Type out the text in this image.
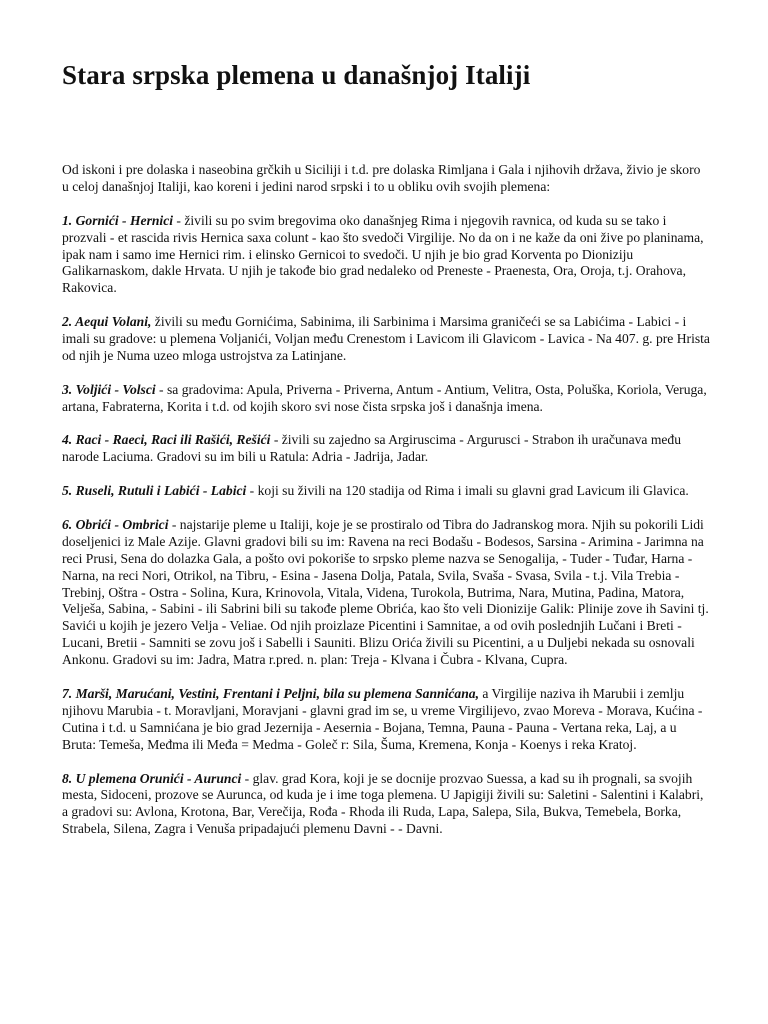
Stara srpska plemena u današnjoj Italiji

Od iskoni i pre dolaska i naseobina grčkih u Siciliji i t.d. pre dolaska Rimljana i Gala i njihovih država, živio je skoro u celoj današnjoj Italiji, kao koreni i jedini narod srpski i to u obliku ovih svojih plemena:

1. Gornići - Hernici - živili su po svim bregovima oko današnjeg Rima i njegovih ravnica, od kuda su se tako i prozvali - et rascida rivis Hernica saxa colunt - kao što svedoči Virgilije. No da on i ne kaže da oni žive po planinama, ipak nam i samo ime Hernici rim. i elinsko Gernicoi to svedoči. U njih je bio grad Korventa po Dioniziju Galikarnaskom, dakle Hrvata. U njih je takođe bio grad nedaleko od Preneste - Praenesta, Ora, Oroja, t.j. Orahova, Rakovica.

2. Aequi Volani, živili su među Gornićima, Sabinima, ili Sarbinima i Marsima graničeći se sa Labićima - Labici - i imali su gradove: u plemena Voljanići, Voljan među Crenestom i Lavicom ili Glavicom - Lavica - Na 407. g. pre Hrista od njih je Numa uzeo mloga ustrojstva za Latinjane.

3. Voljići - Volsci - sa gradovima: Apula, Priverna - Priverna, Antum - Antium, Velitra, Osta, Poluška, Koriola, Veruga, artana, Fabraterna, Korita i t.d. od kojih skoro svi nose čista srpska još i današnja imena.

4. Raci - Raeci, Raci ili Rašići, Rešići - živili su zajedno sa Argiruscima - Argurusci - Strabon ih uračunava među narode Laciuma. Gradovi su im bili u Ratula: Adria - Jadrija, Jadar.

5. Ruseli, Rutuli i Labići - Labici - koji su živili na 120 stadija od Rima i imali su glavni grad Lavicum ili Glavica.

6. Obrići - Ombrici - najstarije pleme u Italiji, koje je se prostiralo od Tibra do Jadranskog mora. Njih su pokorili Lidi doseljenici iz Male Azije. Glavni gradovi bili su im: Ravena na reci Bodašu - Bodesos, Sarsina - Arimina - Jarimna na reci Prusi, Sena do dolazka Gala, a pošto ovi pokoriše to srpsko pleme nazva se Senogalija, - Tuder - Tuđar, Harna - Narna, na reci Nori, Otrikol, na Tibru, - Esina - Jasena Dolja, Patala, Svila, Svaša - Svasa, Svila - t.j. Vila Trebia - Trebinj, Oštra - Ostra - Solina, Kura, Krinovola, Vitala, Videna, Turokola, Butrima, Nara, Mutina, Padina, Matora, Velješa, Sabina, - Sabini - ili Sabrini bili su takođe pleme Obrića, kao što veli Dionizije Galik: Plinije zove ih Savini tj. Savići u kojih je jezero Velja - Veliae. Od njih proizlaze Picentini i Samnitae, a od ovih poslednjih Lučani i Breti - Lucani, Bretii - Samniti se zovu još i Sabelli i Sauniti. Blizu Orića živili su Picentini, a u Duljebi nekada su osnovali Ankonu. Gradovi su im: Jadra, Matra r.pred. n. plan: Treja - Klvana i Čubra - Klvana, Cupra.

7. Marši, Marućani, Vestini, Frentani i Peljni, bila su plemena Sannićana, a Virgilije naziva ih Marubii i zemlju njihovu Marubia - t. Moravljani, Moravjani - glavni grad im se, u vreme Virgilijevo, zvao Moreva - Morava, Kućina - Cutina i t.d. u Samnićana je bio grad Jezernija - Aesernia - Bojana, Temna, Pauna - Pauna - Vertana reka, Laj, a u Bruta: Temeša, Međma ili Međa = Medma - Goleč r: Sila, Šuma, Kremena, Konja - Koenys i reka Kratoj.

8. U plemena Orunići - Aurunci - glav. grad Kora, koji je se docnije prozvao Suessa, a kad su ih prognali, sa svojih mesta, Sidoceni, prozove se Aurunca, od kuda je i ime toga plemena. U Japigiji živili su: Saletini - Salentini i Kalabri, a gradovi su: Avlona, Krotona, Bar, Verečija, Rođa - Rhoda ili Ruda, Lapa, Salepa, Sila, Bukva, Temebela, Borka, Strabela, Silena, Zagra i Venuša pripadajući plemenu Davni - - Davni.
